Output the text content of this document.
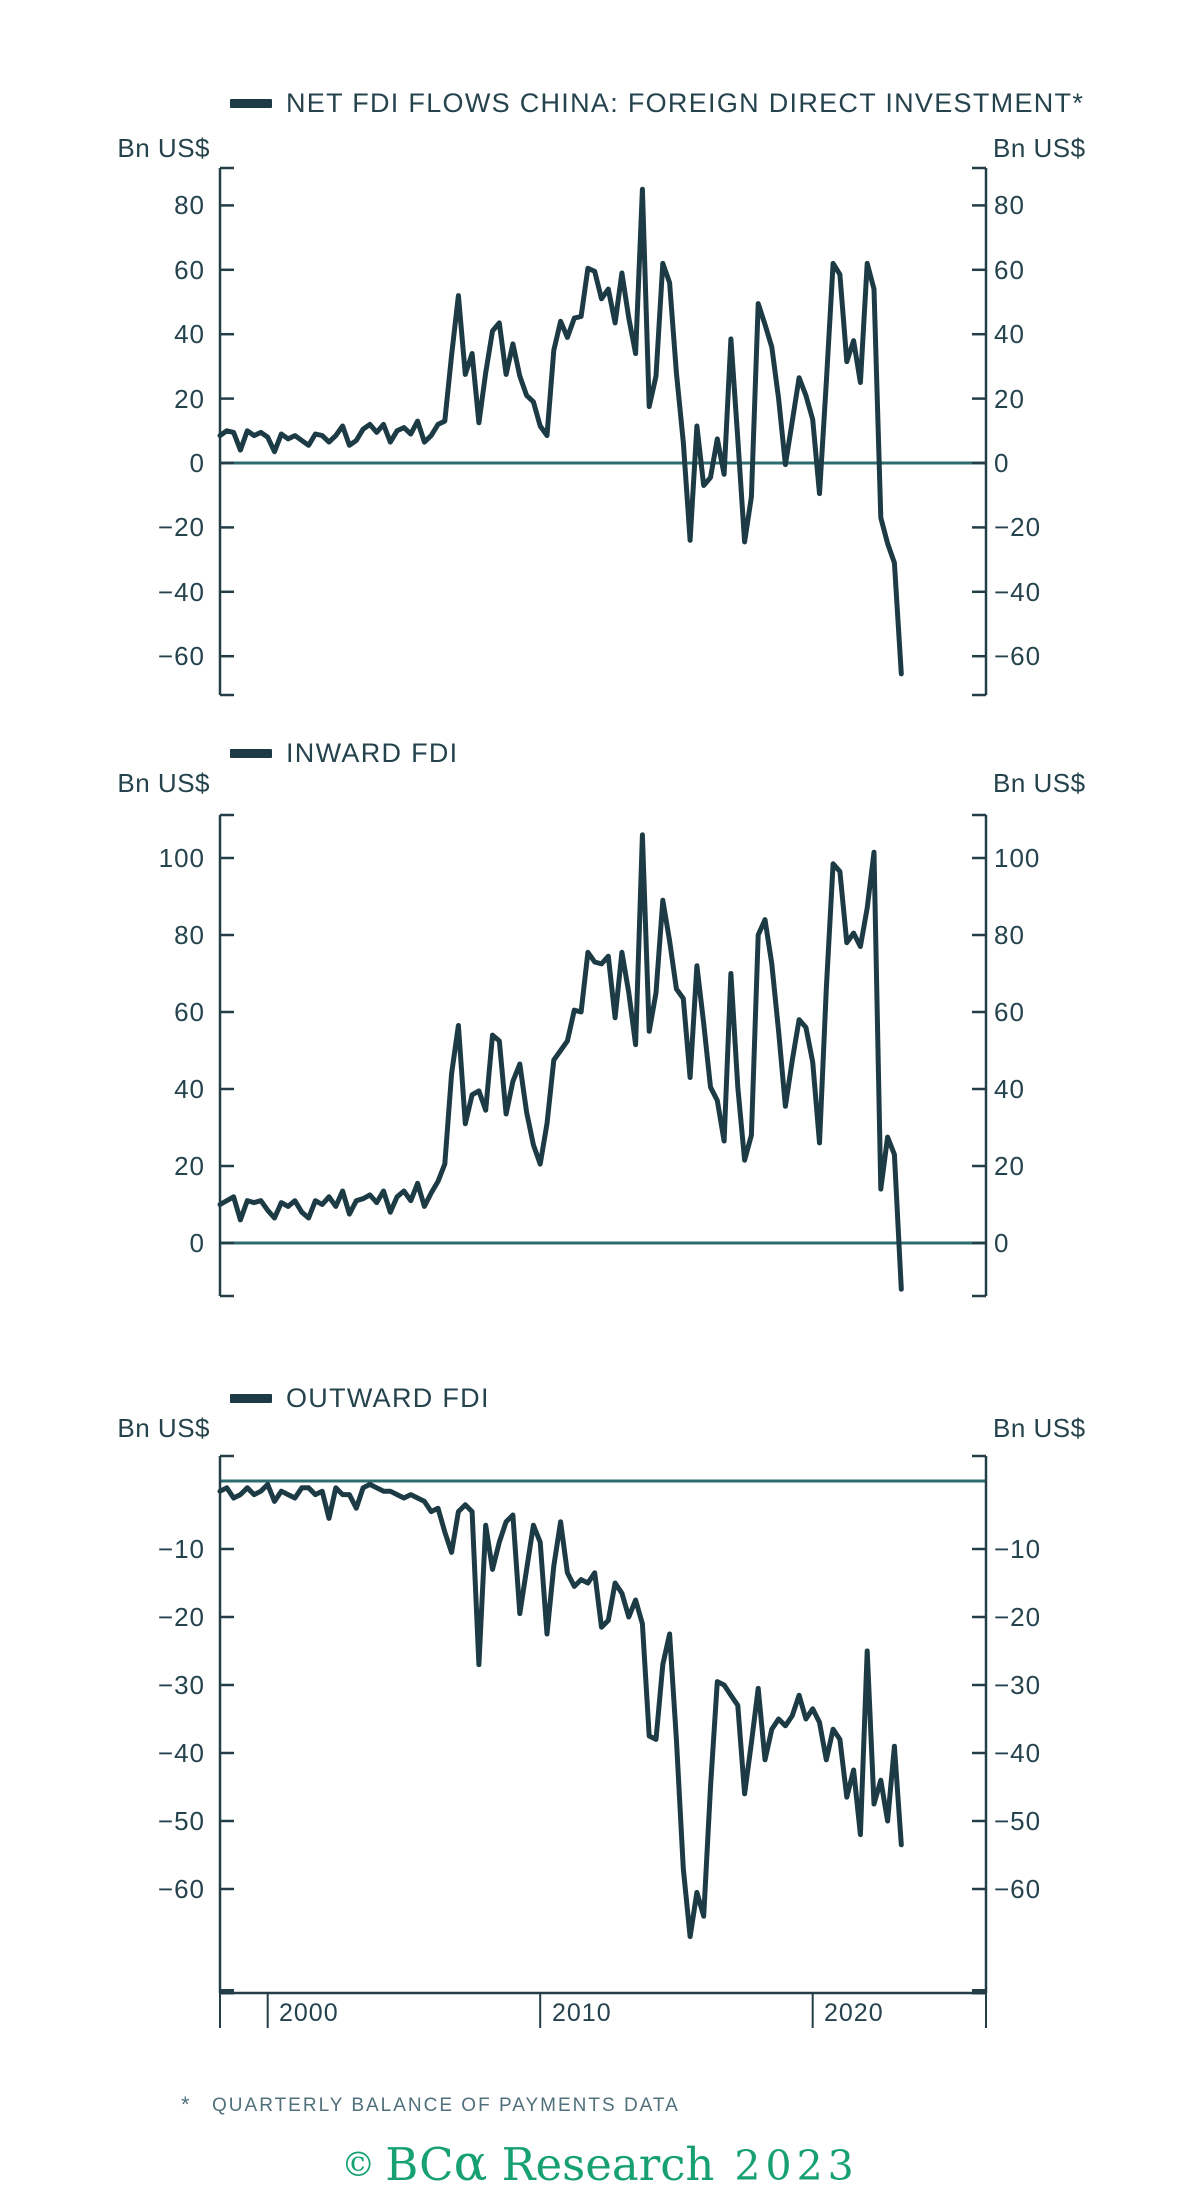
NET FDI FLOWS CHINA: FOREIGN DIRECT INVESTMENT*
INWARD FDI
OUTWARD FDI
Bn US$	Bn US$
Bn US$	Bn US$
Bn US$	Bn US$
2000	2010	2020
* QUARTERLY BALANCE OF PAYMENTS DATA
© BCα Research 2023
80	80
60	60
40	40
20	20
0	0
−20	−20
−40	−40
−60	−60
100	100
80	80
60	60
40	40
20	20
0	0
−10	−10
−20	−20
−30	−30
−40	−40
−50	−50
−60	−60
